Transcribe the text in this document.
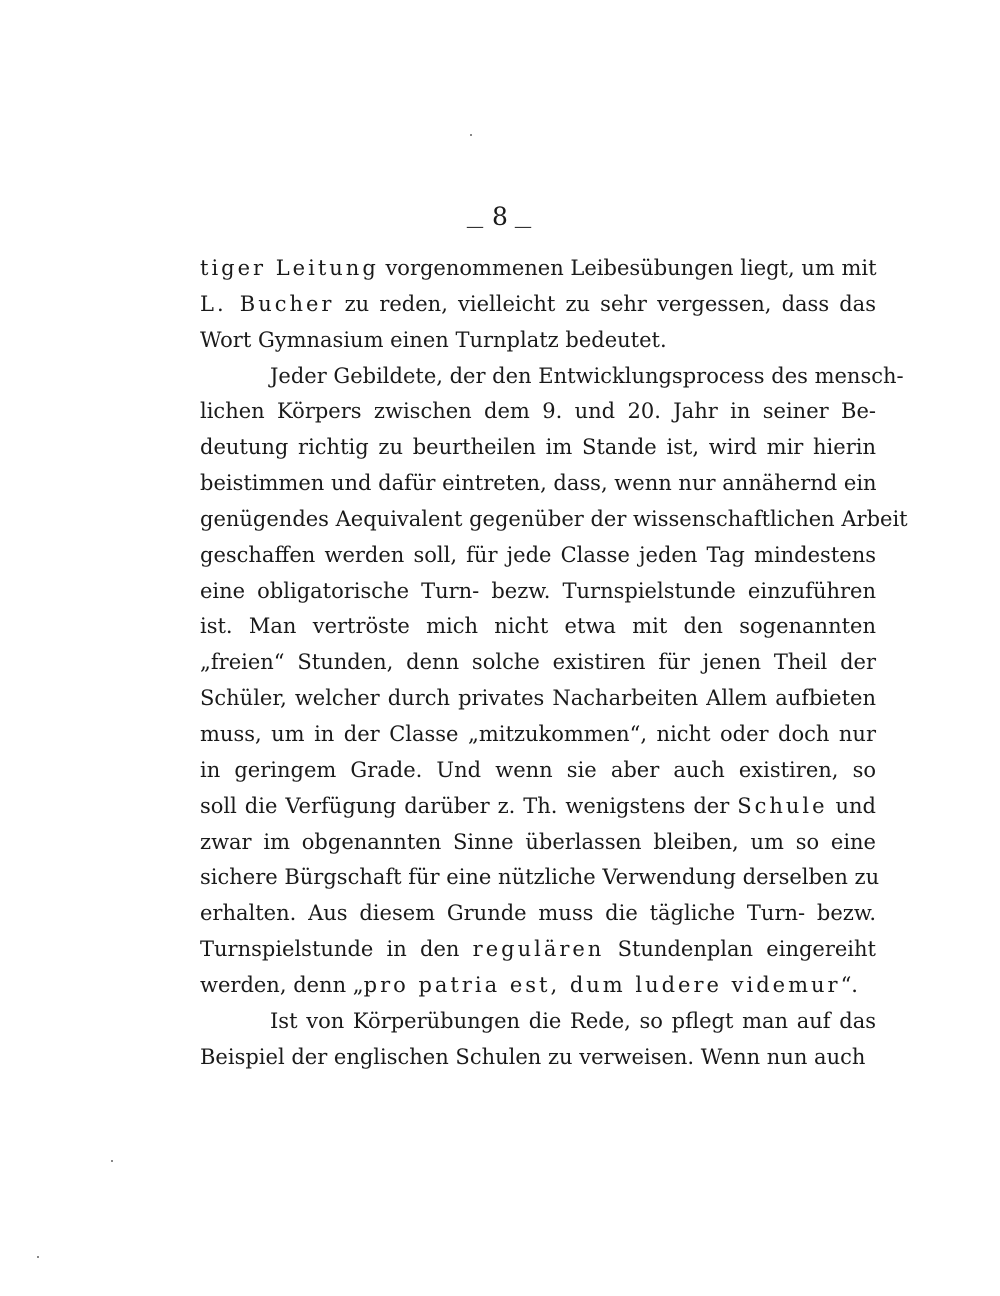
8
— —
tiger Leitung vorgenommenen Leibesübungen liegt, um mit
L. Bucher zu reden, vielleicht zu sehr vergessen, dass das
Wort Gymnasium einen Turnplatz bedeutet.
Jeder Gebildete, der den Entwicklungsprocess des mensch-
lichen Körpers zwischen dem 9. und 20. Jahr in seiner Be-
deutung richtig zu beurtheilen im Stande ist, wird mir hierin
beistimmen und dafür eintreten, dass, wenn nur annähernd ein
genügendes Aequivalent gegenüber der wissenschaftlichen Arbeit
geschaffen werden soll, für jede Classe jeden Tag mindestens
eine obligatorische Turn- bezw. Turnspielstunde einzuführen
ist. Man vertröste mich nicht etwa mit den sogenannten
„freien“ Stunden, denn solche existiren für jenen Theil der
Schüler, welcher durch privates Nacharbeiten Allem aufbieten
muss, um in der Classe „mitzukommen“, nicht oder doch nur
in geringem Grade. Und wenn sie aber auch existiren, so
soll die Verfügung darüber z. Th. wenigstens der Schule und
zwar im obgenannten Sinne überlassen bleiben, um so eine
sichere Bürgschaft für eine nützliche Verwendung derselben zu
erhalten. Aus diesem Grunde muss die tägliche Turn- bezw.
Turnspielstunde in den regulären Stundenplan eingereiht
werden, denn „pro patria est, dum ludere videmur“.
Ist von Körperübungen die Rede, so pflegt man auf das
Beispiel der englischen Schulen zu verweisen. Wenn nun auch
